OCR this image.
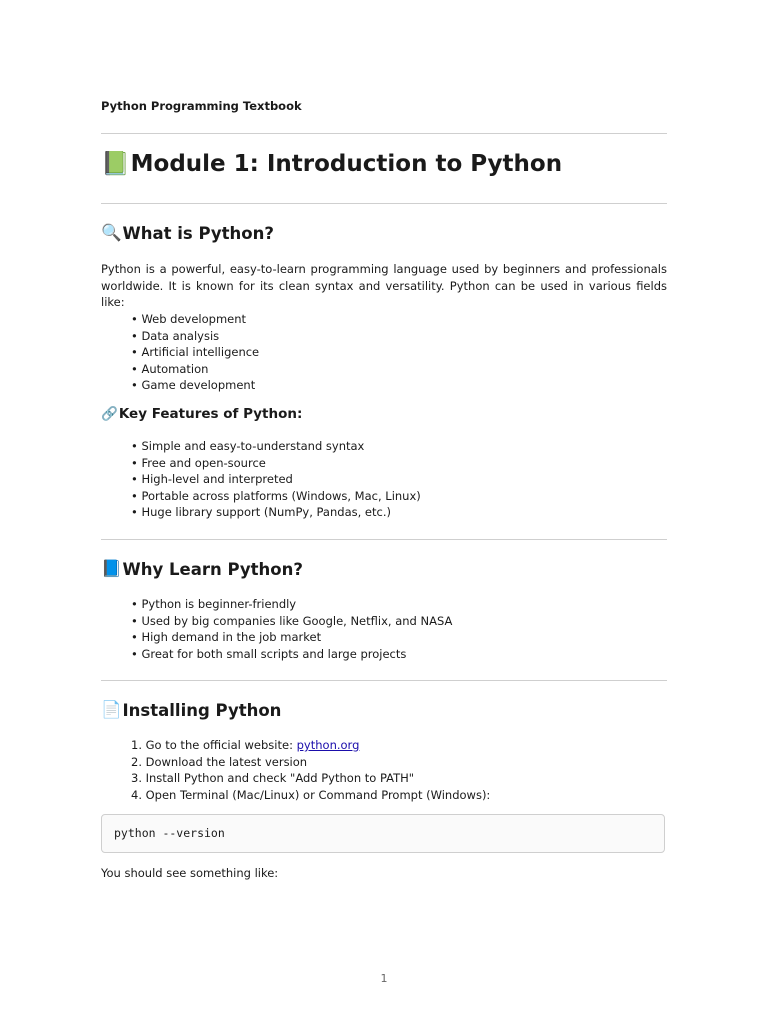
Python Programming Textbook
📗 Module 1: Introduction to Python
🔍 What is Python?

Python is a powerful, easy-to-learn programming language used by beginners and professionals worldwide. It is known for its clean syntax and versatility. Python can be used in various fields like:

• Web development
• Data analysis
• Artificial intelligence
• Automation
• Game development
🔗 Key Features of Python:
• Simple and easy-to-understand syntax
• Free and open-source
• High-level and interpreted
• Portable across platforms (Windows, Mac, Linux)
• Huge library support (NumPy, Pandas, etc.)
📘 Why Learn Python?
• Python is beginner-friendly
• Used by big companies like Google, Netflix, and NASA
• High demand in the job market
• Great for both small scripts and large projects
📄 Installing Python
1. Go to the official website: python.org
2. Download the latest version
3. Install Python and check "Add Python to PATH"
4. Open Terminal (Mac/Linux) or Command Prompt (Windows):
python --version

You should see something like:

1
